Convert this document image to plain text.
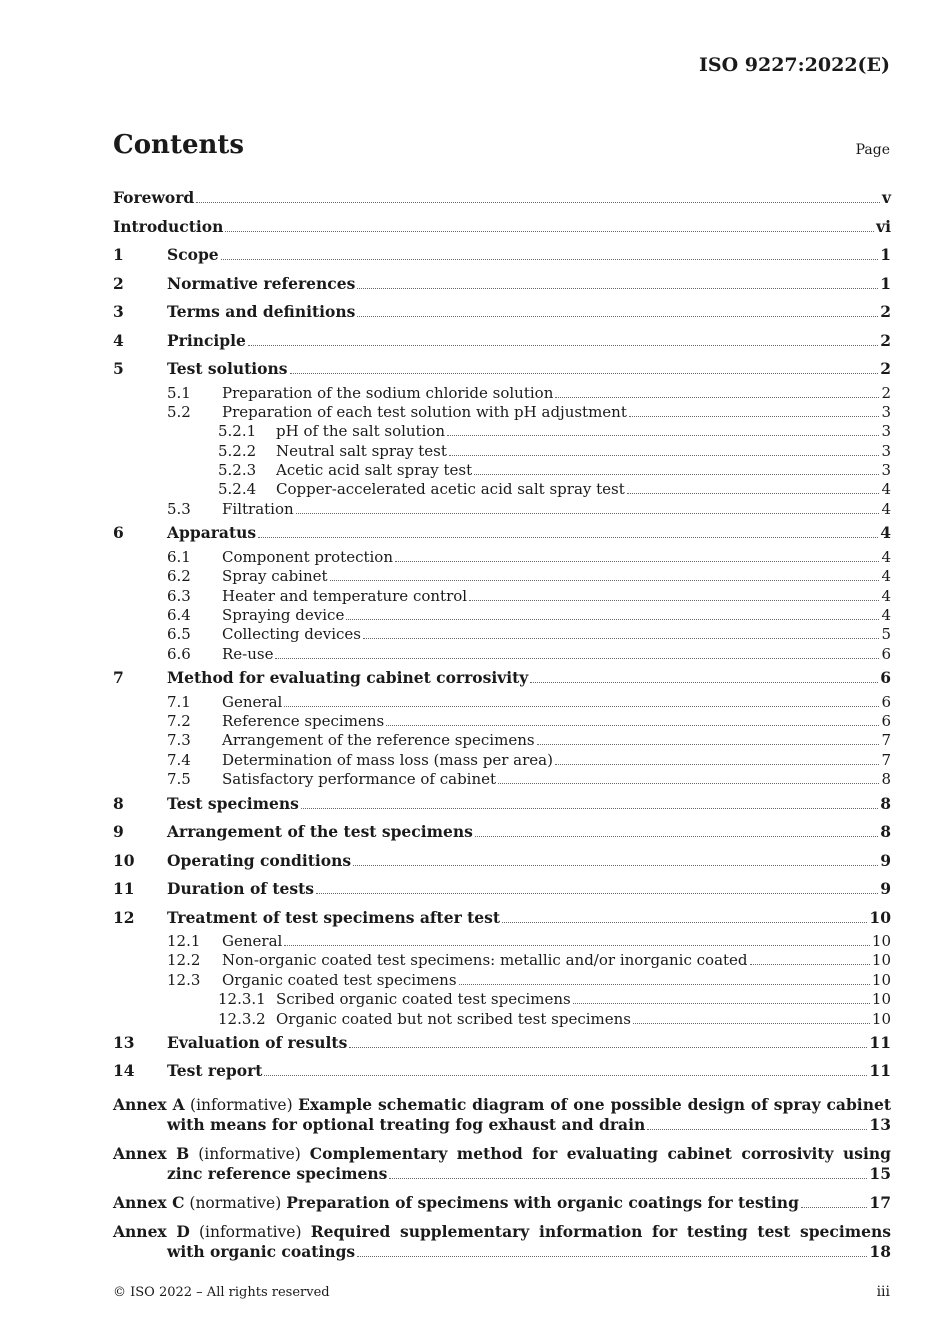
ISO 9227:2022(E)
Contents	Page
Foreword	v
Introduction	vi
1	Scope	1
2	Normative references	1
3	Terms and definitions	2
4	Principle	2
5	Test solutions	2
5.1	Preparation of the sodium chloride solution	2
5.2	Preparation of each test solution with pH adjustment	3
5.2.1	pH of the salt solution	3
5.2.2	Neutral salt spray test	3
5.2.3	Acetic acid salt spray test	3
5.2.4	Copper-accelerated acetic acid salt spray test	4
5.3	Filtration	4
6	Apparatus	4
6.1	Component protection	4
6.2	Spray cabinet	4
6.3	Heater and temperature control	4
6.4	Spraying device	4
6.5	Collecting devices	5
6.6	Re-use	6
7	Method for evaluating cabinet corrosivity	6
7.1	General	6
7.2	Reference specimens	6
7.3	Arrangement of the reference specimens	7
7.4	Determination of mass loss (mass per area)	7
7.5	Satisfactory performance of cabinet	8
8	Test specimens	8
9	Arrangement of the test specimens	8
10	Operating conditions	9
11	Duration of tests	9
12	Treatment of test specimens after test	10
12.1	General	10
12.2	Non-organic coated test specimens: metallic and/or inorganic coated	10
12.3	Organic coated test specimens	10
12.3.1 Scribed organic coated test specimens	10
12.3.2 Organic coated but not scribed test specimens	10
13	Evaluation of results	11
14	Test report	11
Annex A (informative) Example schematic diagram of one possible design of spray cabinet
with means for optional treating fog exhaust and drain	13
Annex B (informative) Complementary method for evaluating cabinet corrosivity using
zinc reference specimens	15
Annex C (normative) Preparation of specimens with organic coatings for testing	17
Annex D (informative) Required supplementary information for testing test specimens
with organic coatings	18
© ISO 2022 – All rights reserved	iii
